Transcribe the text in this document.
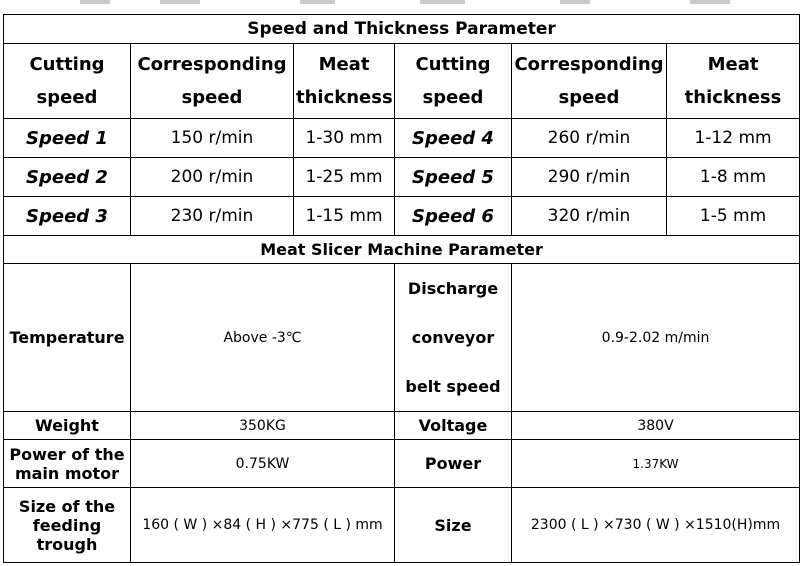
Speed and Thickness Parameter					
Cutting speed	Corresponding speed	Meat thickness	Cutting speed	Corresponding speed	Meat thickness
Speed 1	150 r/min	1-30 mm	Speed 4	260 r/min	1-12 mm
Speed 2	200 r/min	1-25 mm	Speed 5	290 r/min	1-8 mm
Speed 3	230 r/min	1-15 mm	Speed 6	320 r/min	1-5 mm
Meat Slicer Machine Parameter					
Temperature	Above -3℃		Discharge conveyor belt speed	0.9-2.02 m/min	
Weight	350KG		Voltage	380V	
Power of the main motor	0.75KW		Power	1.37KW	
Size of the feeding trough	160 ( W ) ×84 ( H ) ×775 ( L ) mm		Size	2300 ( L ) ×730 ( W ) ×1510(H)mm	
